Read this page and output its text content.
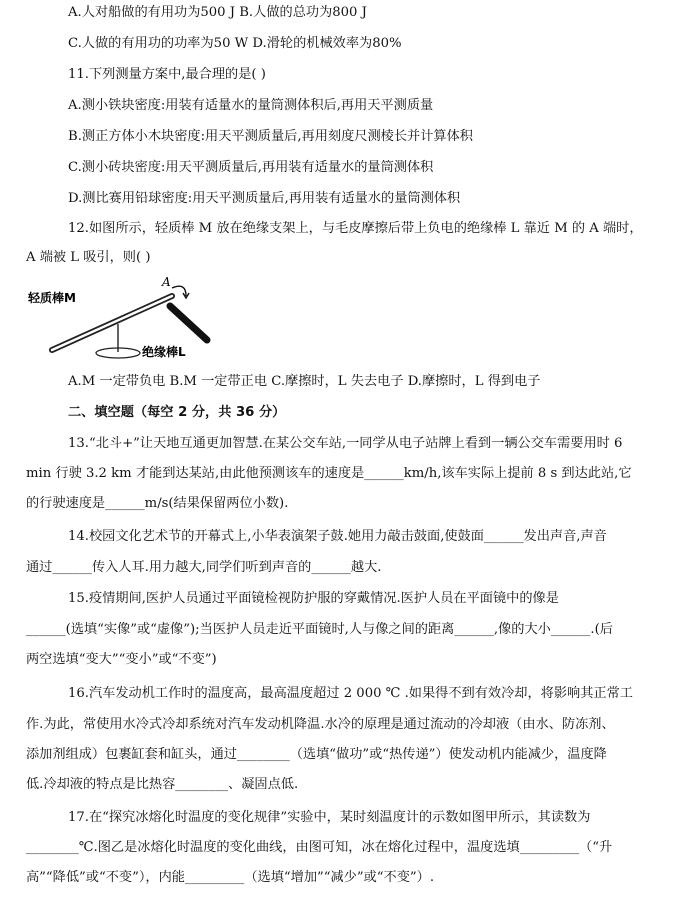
A.人对船做的有用功为500 J B.人做的总功为800 J
C.人做的有用功的功率为50 W D.滑轮的机械效率为80%
11.下列测量方案中,最合理的是( )
A.测小铁块密度:用装有适量水的量筒测体积后,再用天平测质量
B.测正方体小木块密度:用天平测质量后,再用刻度尺测棱长并计算体积
C.测小砖块密度:用天平测质量后,再用装有适量水的量筒测体积
D.测比赛用铅球密度:用天平测质量后,再用装有适量水的量筒测体积
12.如图所示，轻质棒 M 放在绝缘支架上，与毛皮摩擦后带上负电的绝缘棒 L 靠近 M 的 A 端时，
A 端被 L 吸引，则( )
轻质棒M
A
绝缘棒L
A.M 一定带负电 B.M 一定带正电 C.摩擦时，L 失去电子 D.摩擦时，L 得到电子
二、填空题（每空 2 分，共 36 分）
13.“北斗+”让天地互通更加智慧.在某公交车站,一同学从电子站牌上看到一辆公交车需要用时 6
min 行驶 3.2 km 才能到达某站,由此他预测该车的速度是______km/h,该车实际上提前 8 s 到达此站,它
的行驶速度是______m/s(结果保留两位小数).
14.校园文化艺术节的开幕式上,小华表演架子鼓.她用力敲击鼓面,使鼓面______发出声音,声音
通过______传入人耳.用力越大,同学们听到声音的______越大.
15.疫情期间,医护人员通过平面镜检视防护服的穿戴情况.医护人员在平面镜中的像是
______(选填“实像”或“虚像”);当医护人员走近平面镜时,人与像之间的距离______,像的大小______.(后
两空选填“变大”“变小”或“不变”)
16.汽车发动机工作时的温度高，最高温度超过 2 000 ℃ .如果得不到有效冷却，将影响其正常工
作.为此，常使用水冷式冷却系统对汽车发动机降温.水冷的原理是通过流动的冷却液（由水、防冻剂、
添加剂组成）包裹缸套和缸头，通过________（选填“做功”或“热传递”）使发动机内能减少，温度降
低.冷却液的特点是比热容________、凝固点低.
17.在“探究冰熔化时温度的变化规律”实验中，某时刻温度计的示数如图甲所示，其读数为
________℃.图乙是冰熔化时温度的变化曲线，由图可知，冰在熔化过程中，温度选填_________（“升
高”“降低”或“不变”），内能_________（选填“增加”“减少”或“不变”）.
